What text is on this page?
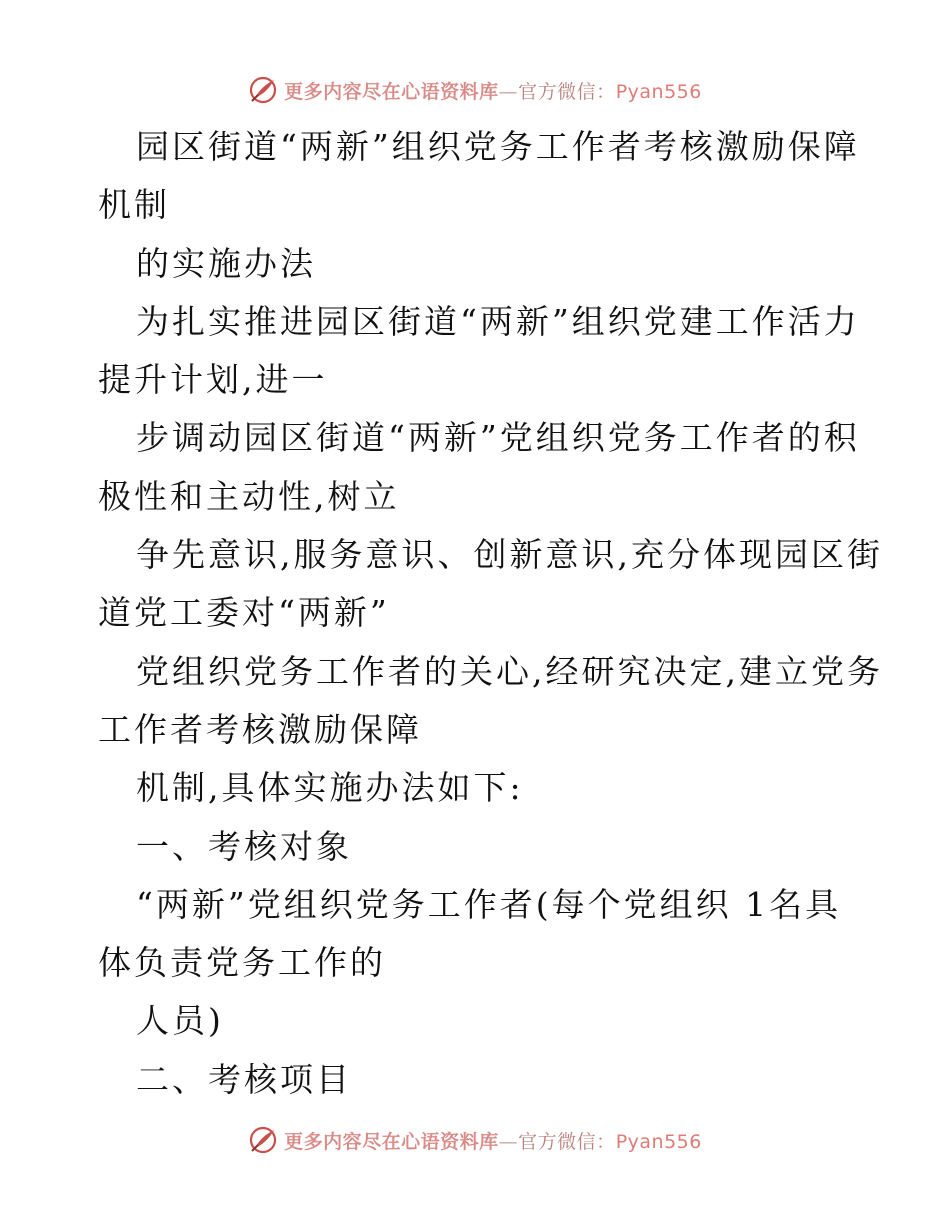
更多内容尽在心语资料库—官方微信：Pyan556
园区街道“两新”组织党务工作者考核激励保障
机制
的实施办法
为扎实推进园区街道“两新”组织党建工作活力
提升计划,进一
步调动园区街道“两新”党组织党务工作者的积
极性和主动性,树立
争先意识,服务意识、创新意识,充分体现园区街
道党工委对“两新”
党组织党务工作者的关心,经研究决定,建立党务
工作者考核激励保障
机制,具体实施办法如下:
一、考核对象
“两新”党组织党务工作者(每个党组织 1名具
体负责党务工作的
人员)
二、考核项目
更多内容尽在心语资料库—官方微信：Pyan556
